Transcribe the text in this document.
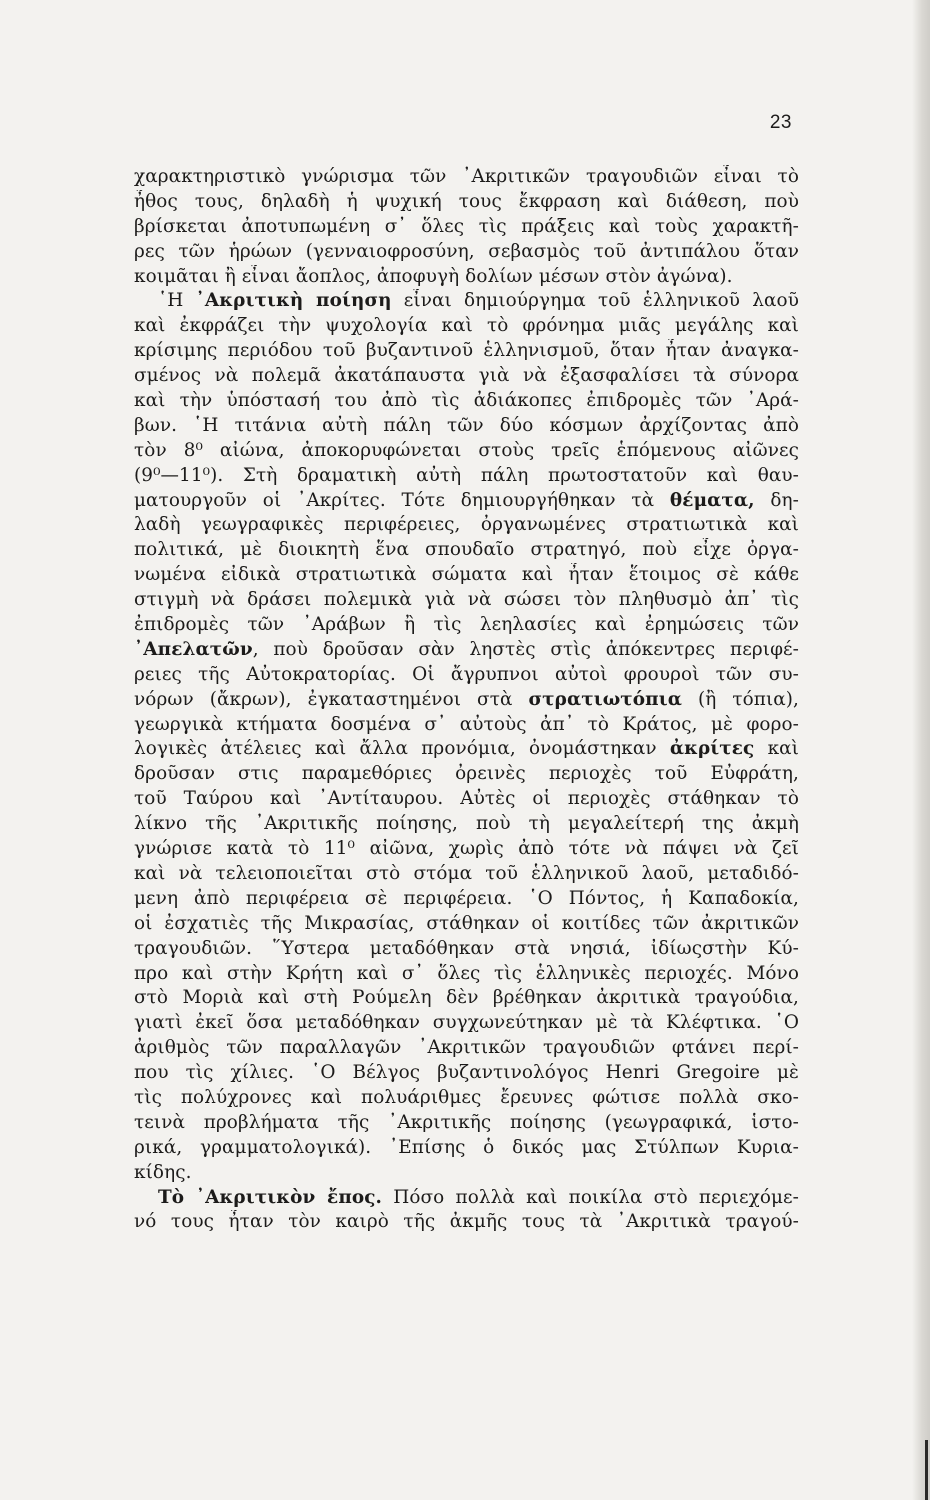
23
χαρακτηριστικὸ γνώρισμα τῶν ᾿Ακριτικῶν τραγουδιῶν εἶναι τὸ
ἦθος τους, δηλαδὴ ἡ ψυχική τους ἔκφραση καὶ διάθεση, ποὺ
βρίσκεται ἀποτυπωμένη σ᾿ ὅλες τὶς πράξεις καὶ τοὺς χαρακτῆ-
ρες τῶν ἡρώων (γενναιοφροσύνη, σεβασμὸς τοῦ ἀντιπάλου ὅταν
κοιμᾶται ἢ εἶναι ἄοπλος, ἀποφυγὴ δολίων μέσων στὸν ἀγώνα).
῾Η ᾿Ακριτικὴ ποίηση εἶναι δημιούργημα τοῦ ἑλληνικοῦ λαοῦ
καὶ ἐκφράζει τὴν ψυχολογία καὶ τὸ φρόνημα μιᾶς μεγάλης καὶ
κρίσιμης περιόδου τοῦ βυζαντινοῦ ἑλληνισμοῦ, ὅταν ἦταν ἀναγκα-
σμένος νὰ πολεμᾶ ἀκατάπαυστα γιὰ νὰ ἐξασφαλίσει τὰ σύνορα
καὶ τὴν ὑπόστασή του ἀπὸ τὶς ἀδιάκοπες ἐπιδρομὲς τῶν ᾿Αρά-
βων. ῾Η τιτάνια αὐτὴ πάλη τῶν δύο κόσμων ἀρχίζοντας ἀπὸ
τὸν 8⁰ αἰώνα, ἀποκορυφώνεται στοὺς τρεῖς ἑπόμενους αἰῶνες
(9⁰—11⁰). Στὴ δραματικὴ αὐτὴ πάλη πρωτοστατοῦν καὶ θαυ-
ματουργοῦν οἱ ᾿Ακρίτες. Τότε δημιουργήθηκαν τὰ θέματα, δη-
λαδὴ γεωγραφικὲς περιφέρειες, ὀργανωμένες στρατιωτικὰ καὶ
πολιτικά, μὲ διοικητὴ ἕνα σπουδαῖο στρατηγό, ποὺ εἶχε ὀργα-
νωμένα εἰδικὰ στρατιωτικὰ σώματα καὶ ἦταν ἕτοιμος σὲ κάθε
στιγμὴ νὰ δράσει πολεμικὰ γιὰ νὰ σώσει τὸν πληθυσμὸ ἀπ᾿ τὶς
ἐπιδρομὲς τῶν ᾿Αράβων ἢ τὶς λεηλασίες καὶ ἐρημώσεις τῶν
᾿Απελατῶν, ποὺ δροῦσαν σὰν ληστὲς στὶς ἀπόκεντρες περιφέ-
ρειες τῆς Αὐτοκρατορίας. Οἱ ἄγρυπνοι αὐτοὶ φρουροὶ τῶν συ-
νόρων (ἄκρων), ἐγκαταστημένοι στὰ στρατιωτόπια (ἢ τόπια),
γεωργικὰ κτήματα δοσμένα σ᾿ αὐτοὺς ἀπ᾿ τὸ Κράτος, μὲ φορο-
λογικὲς ἀτέλειες καὶ ἄλλα προνόμια, ὀνομάστηκαν ἀκρίτες καὶ
δροῦσαν στις παραμεθόριες ὀρεινὲς περιοχὲς τοῦ Εὐφράτη,
τοῦ Ταύρου καὶ ᾿Αντίταυρου. Αὐτὲς οἱ περιοχὲς στάθηκαν τὸ
λίκνο τῆς ᾿Ακριτικῆς ποίησης, ποὺ τὴ μεγαλείτερή της ἀκμὴ
γνώρισε κατὰ τὸ 11⁰ αἰῶνα, χωρὶς ἀπὸ τότε νὰ πάψει νὰ ζεῖ
καὶ νὰ τελειοποιεῖται στὸ στόμα τοῦ ἑλληνικοῦ λαοῦ, μεταδιδό-
μενη ἀπὸ περιφέρεια σὲ περιφέρεια. ῾Ο Πόντος, ἡ Καπαδοκία,
οἱ ἐσχατιὲς τῆς Μικρασίας, στάθηκαν οἱ κοιτίδες τῶν ἀκριτικῶν
τραγουδιῶν. ῞Υστερα μεταδόθηκαν στὰ νησιά, ἰδίωςστὴν Κύ-
προ καὶ στὴν Κρήτη καὶ σ᾿ ὅλες τὶς ἑλληνικὲς περιοχές. Μόνο
στὸ Μοριὰ καὶ στὴ Ρούμελη δὲν βρέθηκαν ἀκριτικὰ τραγούδια,
γιατὶ ἐκεῖ ὅσα μεταδόθηκαν συγχωνεύτηκαν μὲ τὰ Κλέφτικα. ῾Ο
ἀριθμὸς τῶν παραλλαγῶν ᾿Ακριτικῶν τραγουδιῶν φτάνει περί-
που τὶς χίλιες. ῾Ο Βέλγος βυζαντινολόγος Henri Gregoire μὲ
τὶς πολύχρονες καὶ πολυάριθμες ἔρευνες φώτισε πολλὰ σκο-
τεινὰ προβλήματα τῆς ᾿Ακριτικῆς ποίησης (γεωγραφικά, ἱστο-
ρικά, γραμματολογικά). ᾿Επίσης ὁ δικός μας Στύλπων Κυρια-
κίδης.
Τὸ ᾿Ακριτικὸν ἔπος. Πόσο πολλὰ καὶ ποικίλα στὸ περιεχόμε-
νό τους ἦταν τὸν καιρὸ τῆς ἀκμῆς τους τὰ ᾿Ακριτικὰ τραγού-
